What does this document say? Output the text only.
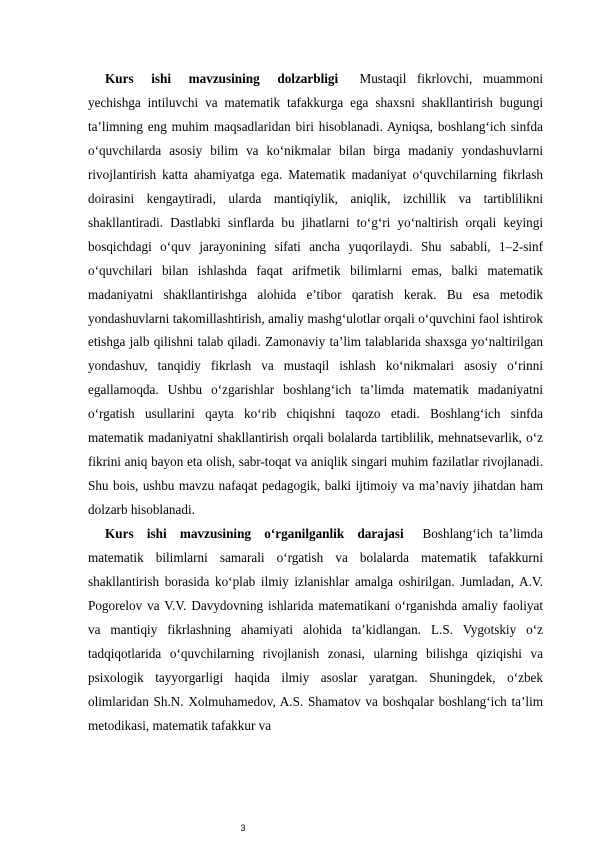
Kurs ishi mavzusining dolzarbligi Mustaqil fikrlovchi, muammoni yechishga intiluvchi va matematik tafakkurga ega shaxsni shakllantirish bugungi ta’limning eng muhim maqsadlaridan biri hisoblanadi. Ayniqsa, boshlang‘ich sinfda o‘quvchilarda asosiy bilim va ko‘nikmalar bilan birga madaniy yondashuvlarni rivojlantirish katta ahamiyatga ega. Matematik madaniyat o‘quvchilarning fikrlash doirasini kengaytiradi, ularda mantiqiylik, aniqlik, izchillik va tartiblilikni shakllantiradi. Dastlabki sinflarda bu jihatlarni to‘g‘ri yo‘naltirish orqali keyingi bosqichdagi o‘quv jarayonining sifati ancha yuqorilaydi. Shu sababli, 1–2-sinf o‘quvchilari bilan ishlashda faqat arifmetik bilimlarni emas, balki matematik madaniyatni shakllantirishga alohida e’tibor qaratish kerak. Bu esa metodik yondashuvlarni takomillashtirish, amaliy mashg‘ulotlar orqali o‘quvchini faol ishtirok etishga jalb qilishni talab qiladi. Zamonaviy ta’lim talablarida shaxsga yo‘naltirilgan yondashuv, tanqidiy fikrlash va mustaqil ishlash ko‘nikmalari asosiy o‘rinni egallamoqda. Ushbu o‘zgarishlar boshlang‘ich ta’limda matematik madaniyatni o‘rgatish usullarini qayta ko‘rib chiqishni taqozo etadi. Boshlang‘ich sinfda matematik madaniyatni shakllantirish orqali bolalarda tartiblilik, mehnatsevarlik, o‘z fikrini aniq bayon eta olish, sabr-toqat va aniqlik singari muhim fazilatlar rivojlanadi. Shu bois, ushbu mavzu nafaqat pedagogik, balki ijtimoiy va ma’naviy jihatdan ham dolzarb hisoblanadi.

Kurs ishi mavzusining o‘rganilganlik darajasi Boshlang‘ich ta’limda matematik bilimlarni samarali o‘rgatish va bolalarda matematik tafakkurni shakllantirish borasida ko‘plab ilmiy izlanishlar amalga oshirilgan. Jumladan, A.V. Pogorelov va V.V. Davydovning ishlarida matematikani o‘rganishda amaliy faoliyat va mantiqiy fikrlashning ahamiyati alohida ta’kidlangan. L.S. Vygotskiy o‘z tadqiqotlarida o‘quvchilarning rivojlanish zonasi, ularning bilishga qiziqishi va psixologik tayyorgarligi haqida ilmiy asoslar yaratgan. Shuningdek, o‘zbek olimlaridan Sh.N. Xolmuhamedov, A.S. Shamatov va boshqalar boshlang‘ich ta’lim metodikasi, matematik tafakkur va

3
